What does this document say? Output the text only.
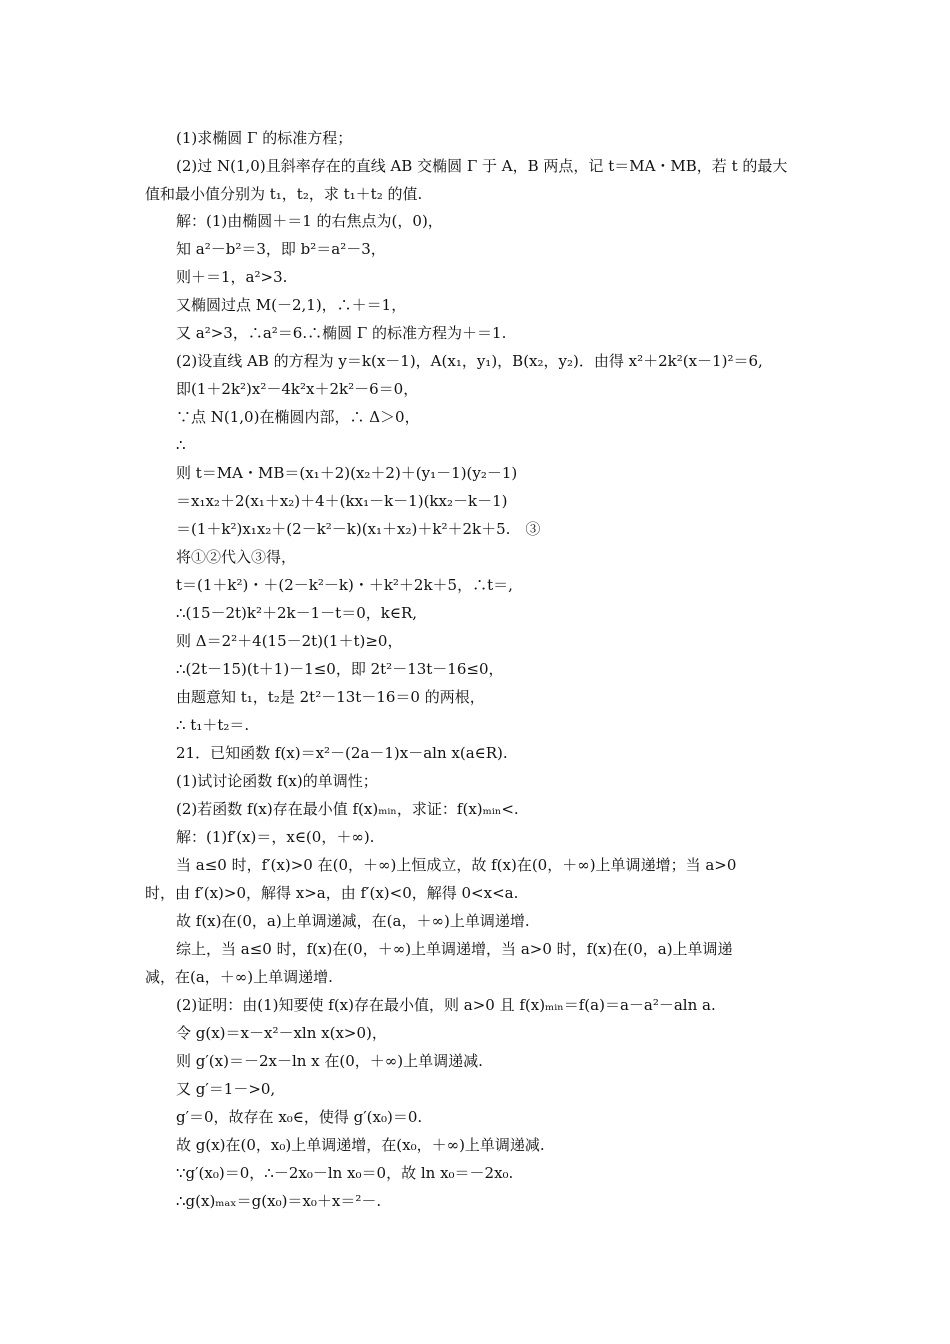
(1)求椭圆 Γ 的标准方程；
(2)过 N(1,0)且斜率存在的直线 AB 交椭圆 Γ 于 A，B 两点，记 t＝MA・MB，若 t 的最大
值和最小值分别为 t₁，t₂，求 t₁＋t₂ 的值.
解：(1)由椭圆＋＝1 的右焦点为(，0)，
知 a²－b²＝3，即 b²＝a²－3，
则＋＝1，a²>3.
又椭圆过点 M(－2,1)，∴＋＝1，
又 a²>3，∴a²＝6.∴椭圆 Γ 的标准方程为＋＝1.
(2)设直线 AB 的方程为 y＝k(x－1)，A(x₁，y₁)，B(x₂，y₂)．由得 x²＋2k²(x－1)²＝6,
即(1＋2k²)x²－4k²x＋2k²－6＝0，
∵点 N(1,0)在椭圆内部，∴ Δ＞0，
∴
则 t＝MA・MB＝(x₁＋2)(x₂＋2)＋(y₁－1)(y₂－1)
＝x₁x₂＋2(x₁＋x₂)＋4＋(kx₁－k－1)(kx₂－k－1)
＝(1＋k²)x₁x₂＋(2－k²－k)(x₁＋x₂)＋k²＋2k＋5.　③
将①②代入③得，
t＝(1＋k²)・＋(2－k²－k)・＋k²＋2k＋5，∴t＝,
∴(15－2t)k²＋2k－1－t＝0，k∈R,
则 Δ＝2²＋4(15－2t)(1＋t)≥0，
∴(2t－15)(t＋1)－1≤0，即 2t²－13t－16≤0，
由题意知 t₁，t₂是 2t²－13t－16＝0 的两根，
∴ t₁＋t₂＝.
21．已知函数 f(x)＝x²－(2a－1)x－aln x(a∈R).
(1)试讨论函数 f(x)的单调性；
(2)若函数 f(x)存在最小值 f(x)ₘᵢₙ，求证：f(x)ₘᵢₙ<.
解：(1)f′(x)＝，x∈(0，＋∞).
当 a≤0 时，f′(x)>0 在(0，＋∞)上恒成立，故 f(x)在(0，＋∞)上单调递增；当 a>0
时，由 f′(x)>0，解得 x>a，由 f′(x)<0，解得 0<x<a.
故 f(x)在(0，a)上单调递减，在(a，＋∞)上单调递增.
综上，当 a≤0 时，f(x)在(0，＋∞)上单调递增，当 a>0 时，f(x)在(0，a)上单调递
减，在(a，＋∞)上单调递增.
(2)证明：由(1)知要使 f(x)存在最小值，则 a>0 且 f(x)ₘᵢₙ＝f(a)＝a－a²－aln a.
令 g(x)＝x－x²－xln x(x>0)，
则 g′(x)＝－2x－ln x 在(0，＋∞)上单调递减.
又 g′＝1－>0,
g′＝0，故存在 x₀∈，使得 g′(x₀)＝0.
故 g(x)在(0，x₀)上单调递增，在(x₀，＋∞)上单调递减.
∵g′(x₀)＝0，∴－2x₀－ln x₀＝0，故 ln x₀＝－2x₀.
∴g(x)ₘₐₓ＝g(x₀)＝x₀＋x＝²－.
